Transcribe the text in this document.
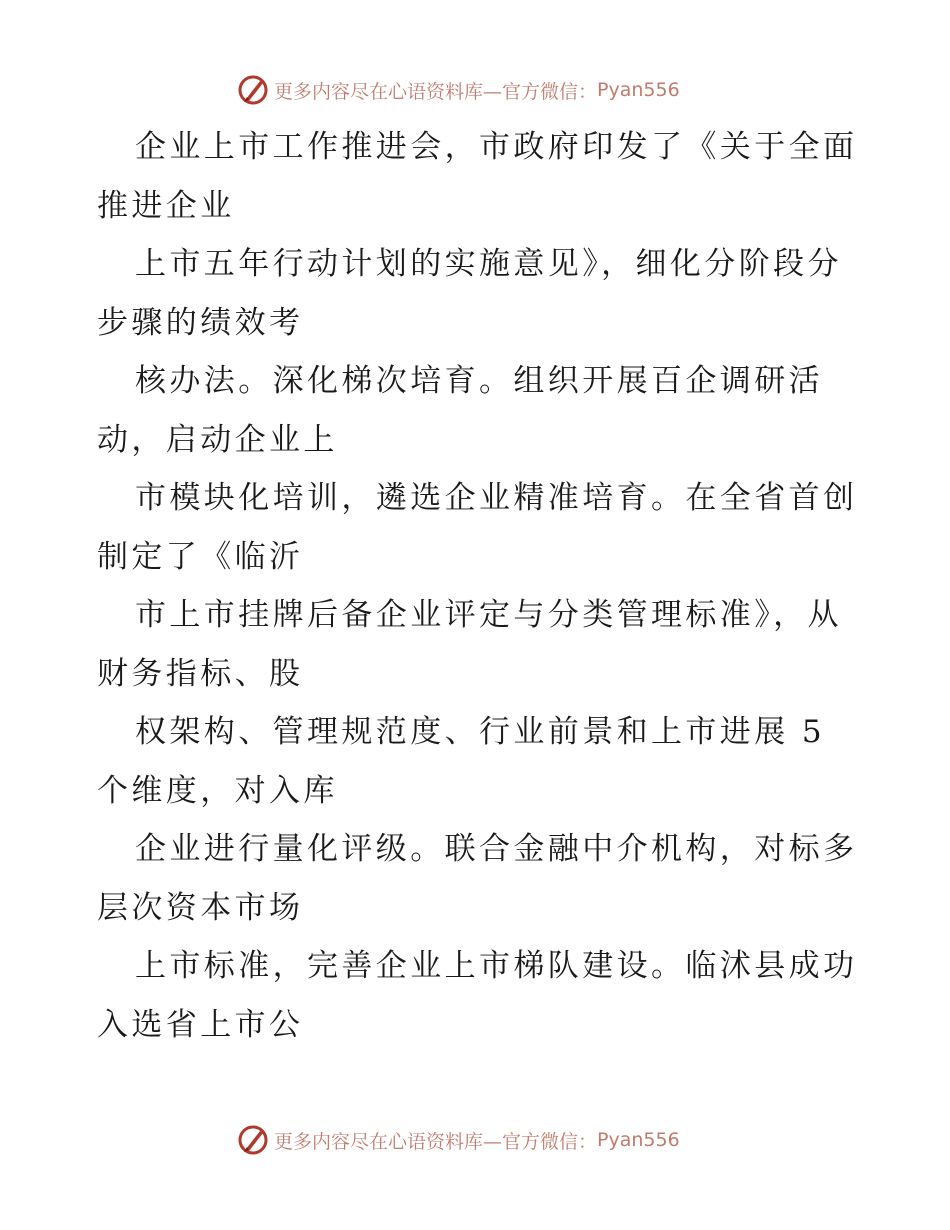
更多内容尽在心语资料库—官方微信： Pyan556
企业上市工作推进会，市政府印发了《关于全面
推进企业
上市五年行动计划的实施意见》，细化分阶段分
步骤的绩效考
核办法。深化梯次培育。组织开展百企调研活
动，启动企业上
市模块化培训，遴选企业精准培育。在全省首创
制定了《临沂
市上市挂牌后备企业评定与分类管理标准》，从
财务指标、股
权架构、管理规范度、行业前景和上市进展 5
个维度，对入库
企业进行量化评级。联合金融中介机构，对标多
层次资本市场
上市标准，完善企业上市梯队建设。临沭县成功
入选省上市公
更多内容尽在心语资料库—官方微信： Pyan556
